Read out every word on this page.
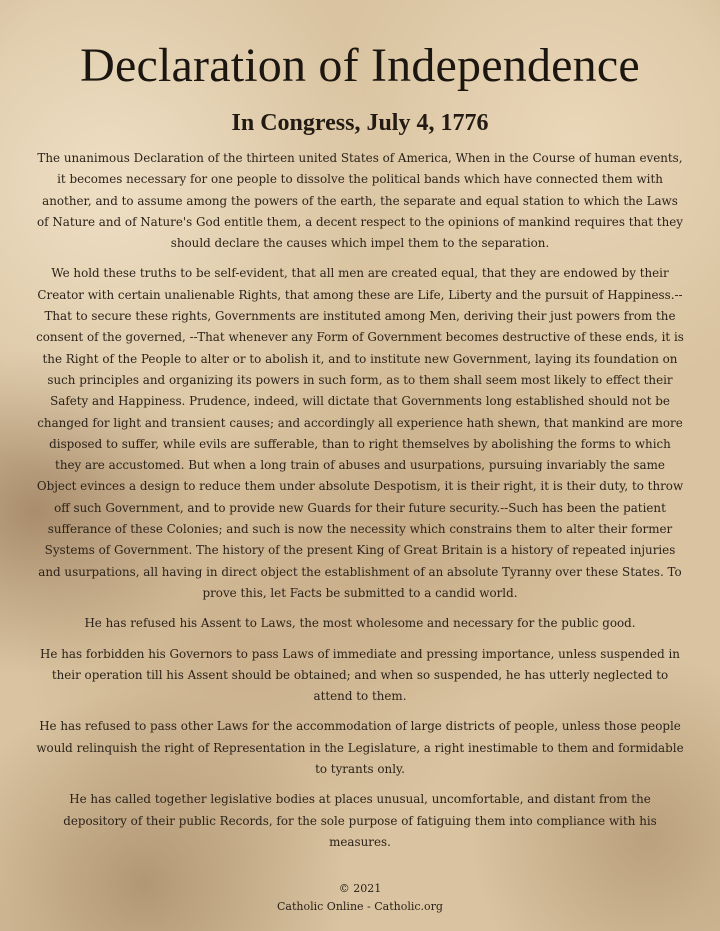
Declaration of Independence
In Congress, July 4, 1776

The unanimous Declaration of the thirteen united States of America, When in the Course of human events, it becomes necessary for one people to dissolve the political bands which have connected them with another, and to assume among the powers of the earth, the separate and equal station to which the Laws of Nature and of Nature's God entitle them, a decent respect to the opinions of mankind requires that they should declare the causes which impel them to the separation.

We hold these truths to be self-evident, that all men are created equal, that they are endowed by their Creator with certain unalienable Rights, that among these are Life, Liberty and the pursuit of Happiness.--That to secure these rights, Governments are instituted among Men, deriving their just powers from the consent of the governed, --That whenever any Form of Government becomes destructive of these ends, it is the Right of the People to alter or to abolish it, and to institute new Government, laying its foundation on such principles and organizing its powers in such form, as to them shall seem most likely to effect their Safety and Happiness. Prudence, indeed, will dictate that Governments long established should not be changed for light and transient causes; and accordingly all experience hath shewn, that mankind are more disposed to suffer, while evils are sufferable, than to right themselves by abolishing the forms to which they are accustomed. But when a long train of abuses and usurpations, pursuing invariably the same Object evinces a design to reduce them under absolute Despotism, it is their right, it is their duty, to throw off such Government, and to provide new Guards for their future security.--Such has been the patient sufferance of these Colonies; and such is now the necessity which constrains them to alter their former Systems of Government. The history of the present King of Great Britain is a history of repeated injuries and usurpations, all having in direct object the establishment of an absolute Tyranny over these States. To prove this, let Facts be submitted to a candid world.

He has refused his Assent to Laws, the most wholesome and necessary for the public good.

He has forbidden his Governors to pass Laws of immediate and pressing importance, unless suspended in their operation till his Assent should be obtained; and when so suspended, he has utterly neglected to attend to them.

He has refused to pass other Laws for the accommodation of large districts of people, unless those people would relinquish the right of Representation in the Legislature, a right inestimable to them and formidable to tyrants only.

He has called together legislative bodies at places unusual, uncomfortable, and distant from the depository of their public Records, for the sole purpose of fatiguing them into compliance with his measures.

© 2021
Catholic Online - Catholic.org
